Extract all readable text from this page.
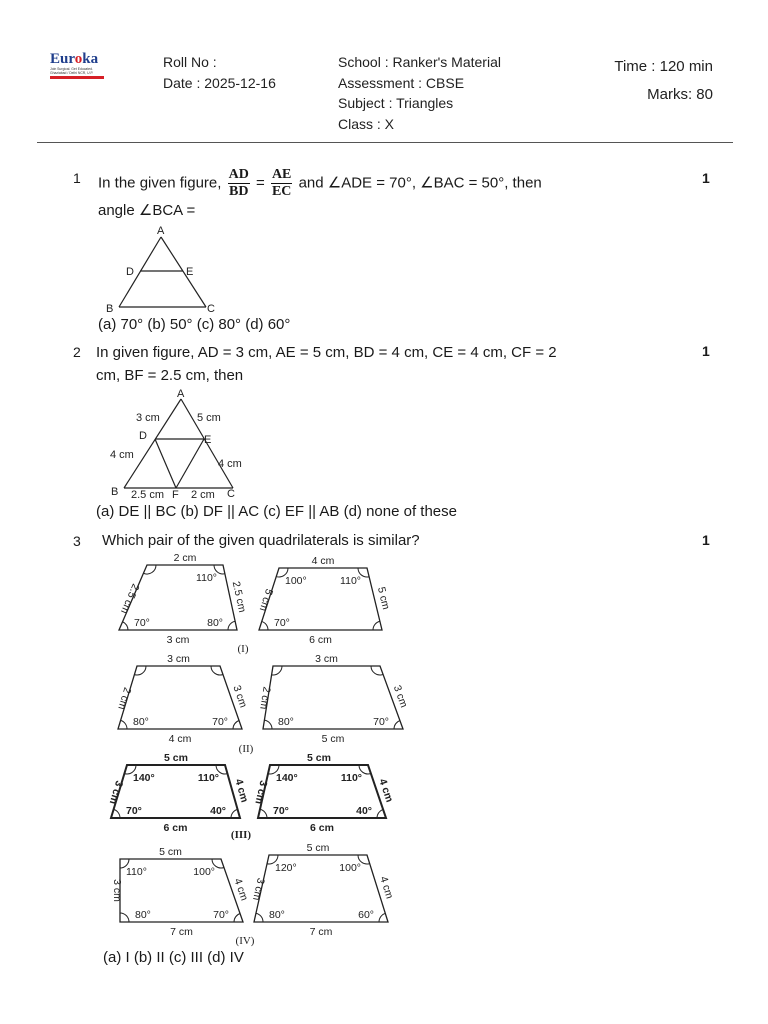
Euroka
Join Surgical. Get Educated.
Ghaziabad / Delhi NCR, U.P.
Roll No :
Date : 2025-12-16
School : Ranker's Material
Assessment : CBSE
Subject : Triangles
Class : X
Time : 120 min
Marks: 80
1	1
In the given figure, $\frac{AD}{BD} = \frac{AE}{EC}$ and ∠ADE = 70°, ∠BAC = 50°, then
angle ∠BCA =
A
B	C
D	E
(a) 70° (b) 50° (c) 80° (d) 60°
2	1
In given figure, AD = 3 cm, AE = 5 cm, BD = 4 cm, CE = 4 cm, CF = 2
cm, BF = 2.5 cm, then
A
B	C
D	E
F
3 cm	5 cm
4 cm
4 cm
2.5 cm 2 cm
(a) DE || BC (b) DF || AC (c) EF || AB (d) none of these
3	1
Which pair of the given quadrilaterals is similar?
2 cm
3 cm
2.5 cm	2.5 cm
110°
70°	80°
4 cm
6 cm
5 cm	5 cm
100°	110°
70°
(I)
3 cm
4 cm
2 cm	3 cm
80°	70°
3 cm
5 cm
2 cm	3 cm
80°	70°
(II)
5 cm
6 cm
3 cm	4 cm
140°	110°
70°	40°
5 cm
6 cm
3 cm	4 cm
140°	110°
70°	40°
(III)
5 cm
7 cm
3 cm	4 cm
110°	100°
80°	70°
5 cm
7 cm
3 cm	4 cm
120°	100°
80°	60°
(IV)
(a) I (b) II (c) III (d) IV
